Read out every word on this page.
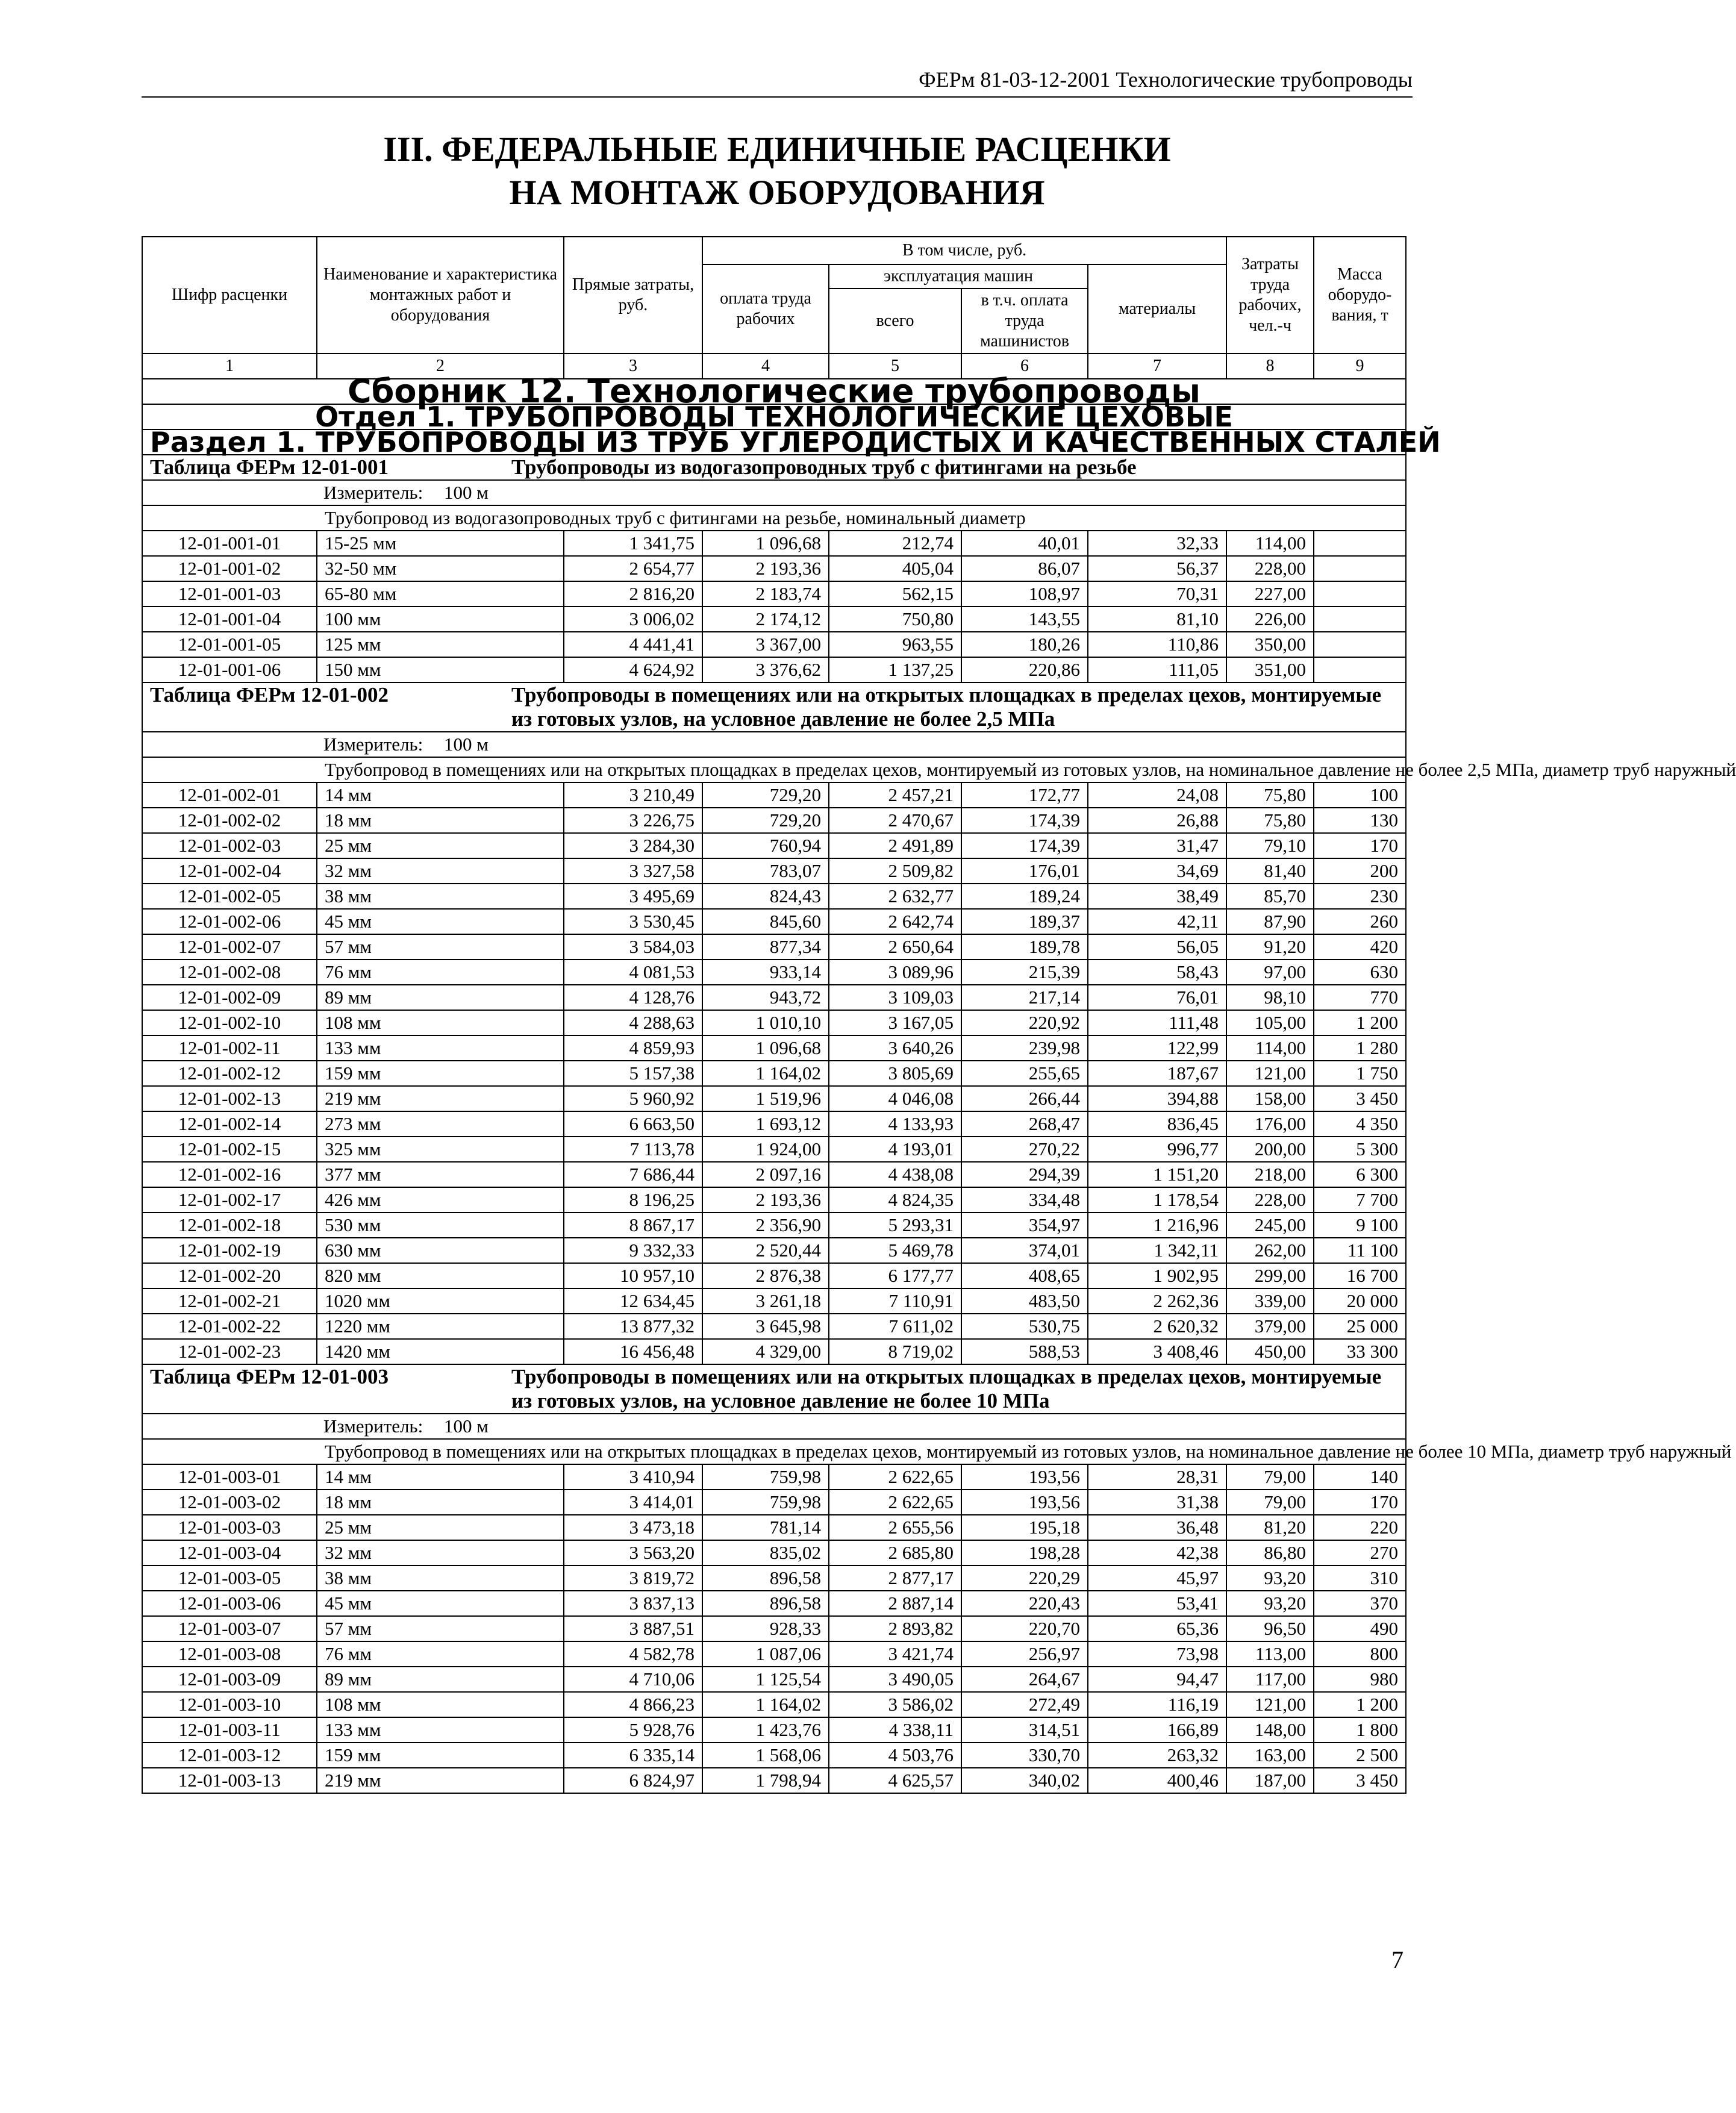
ФЕРм 81-03-12-2001 Технологические трубопроводы
III. ФЕДЕРАЛЬНЫЕ ЕДИНИЧНЫЕ РАСЦЕНКИ
НА МОНТАЖ ОБОРУДОВАНИЯ
Шифр расценки	Наименование и характеристика монтажных работ и оборудования	Прямые затраты, руб.	В том числе, руб.				Затраты труда рабочих, чел.-ч	Масса оборудо-вания, т
			оплата труда рабочих	эксплуатация машин		материалы		
				всего	в т.ч. оплата труда машинистов			
1	2	3	4	5	6	7	8	9
Сборник 12. Технологические трубопроводы								
Отдел 1. ТРУБОПРОВОДЫ ТЕХНОЛОГИЧЕСКИЕ ЦЕХОВЫЕ								
Раздел 1. ТРУБОПРОВОДЫ ИЗ ТРУБ УГЛЕРОДИСТЫХ И КАЧЕСТВЕННЫХ СТАЛЕЙ								
Таблица ФЕРм 12-01-001 Трубопроводы из водогазопроводных труб с фитингами на резьбе								
Измеритель: 100 м								

Трубопровод из водогазопроводных труб с фитингами на резьбе, номинальный диаметр								

12-01-001-01	15-25 мм	1 341,75	1 096,68	212,74	40,01	32,33	114,00	
12-01-001-02	32-50 мм	2 654,77	2 193,36	405,04	86,07	56,37	228,00	
12-01-001-03	65-80 мм	2 816,20	2 183,74	562,15	108,97	70,31	227,00	
12-01-001-04	100 мм	3 006,02	2 174,12	750,80	143,55	81,10	226,00	
12-01-001-05	125 мм	4 441,41	3 367,00	963,55	180,26	110,86	350,00	
12-01-001-06	150 мм	4 624,92	3 376,62	1 137,25	220,86	111,05	351,00	
Таблица ФЕРм 12-01-002 Трубопроводы в помещениях или на открытых площадках в пределах цехов, монтируемые из готовых узлов, на условное давление не более 2,5 МПа								
Измеритель: 100 м								

Трубопровод в помещениях или на открытых площадках в пределах цехов, монтируемый из готовых узлов, на номинальное давление не более 2,5 МПа, диаметр труб наружный								

12-01-002-01	14 мм	3 210,49	729,20	2 457,21	172,77	24,08	75,80	100
12-01-002-02	18 мм	3 226,75	729,20	2 470,67	174,39	26,88	75,80	130
12-01-002-03	25 мм	3 284,30	760,94	2 491,89	174,39	31,47	79,10	170
12-01-002-04	32 мм	3 327,58	783,07	2 509,82	176,01	34,69	81,40	200
12-01-002-05	38 мм	3 495,69	824,43	2 632,77	189,24	38,49	85,70	230
12-01-002-06	45 мм	3 530,45	845,60	2 642,74	189,37	42,11	87,90	260
12-01-002-07	57 мм	3 584,03	877,34	2 650,64	189,78	56,05	91,20	420
12-01-002-08	76 мм	4 081,53	933,14	3 089,96	215,39	58,43	97,00	630
12-01-002-09	89 мм	4 128,76	943,72	3 109,03	217,14	76,01	98,10	770
12-01-002-10	108 мм	4 288,63	1 010,10	3 167,05	220,92	111,48	105,00	1 200
12-01-002-11	133 мм	4 859,93	1 096,68	3 640,26	239,98	122,99	114,00	1 280
12-01-002-12	159 мм	5 157,38	1 164,02	3 805,69	255,65	187,67	121,00	1 750
12-01-002-13	219 мм	5 960,92	1 519,96	4 046,08	266,44	394,88	158,00	3 450
12-01-002-14	273 мм	6 663,50	1 693,12	4 133,93	268,47	836,45	176,00	4 350
12-01-002-15	325 мм	7 113,78	1 924,00	4 193,01	270,22	996,77	200,00	5 300
12-01-002-16	377 мм	7 686,44	2 097,16	4 438,08	294,39	1 151,20	218,00	6 300
12-01-002-17	426 мм	8 196,25	2 193,36	4 824,35	334,48	1 178,54	228,00	7 700
12-01-002-18	530 мм	8 867,17	2 356,90	5 293,31	354,97	1 216,96	245,00	9 100
12-01-002-19	630 мм	9 332,33	2 520,44	5 469,78	374,01	1 342,11	262,00	11 100
12-01-002-20	820 мм	10 957,10	2 876,38	6 177,77	408,65	1 902,95	299,00	16 700
12-01-002-21	1020 мм	12 634,45	3 261,18	7 110,91	483,50	2 262,36	339,00	20 000
12-01-002-22	1220 мм	13 877,32	3 645,98	7 611,02	530,75	2 620,32	379,00	25 000
12-01-002-23	1420 мм	16 456,48	4 329,00	8 719,02	588,53	3 408,46	450,00	33 300
Таблица ФЕРм 12-01-003 Трубопроводы в помещениях или на открытых площадках в пределах цехов, монтируемые из готовых узлов, на условное давление не более 10 МПа								
Измеритель: 100 м								

Трубопровод в помещениях или на открытых площадках в пределах цехов, монтируемый из готовых узлов, на номинальное давление не более 10 МПа, диаметр труб наружный								

12-01-003-01	14 мм	3 410,94	759,98	2 622,65	193,56	28,31	79,00	140
12-01-003-02	18 мм	3 414,01	759,98	2 622,65	193,56	31,38	79,00	170
12-01-003-03	25 мм	3 473,18	781,14	2 655,56	195,18	36,48	81,20	220
12-01-003-04	32 мм	3 563,20	835,02	2 685,80	198,28	42,38	86,80	270
12-01-003-05	38 мм	3 819,72	896,58	2 877,17	220,29	45,97	93,20	310
12-01-003-06	45 мм	3 837,13	896,58	2 887,14	220,43	53,41	93,20	370
12-01-003-07	57 мм	3 887,51	928,33	2 893,82	220,70	65,36	96,50	490
12-01-003-08	76 мм	4 582,78	1 087,06	3 421,74	256,97	73,98	113,00	800
12-01-003-09	89 мм	4 710,06	1 125,54	3 490,05	264,67	94,47	117,00	980
12-01-003-10	108 мм	4 866,23	1 164,02	3 586,02	272,49	116,19	121,00	1 200
12-01-003-11	133 мм	5 928,76	1 423,76	4 338,11	314,51	166,89	148,00	1 800
12-01-003-12	159 мм	6 335,14	1 568,06	4 503,76	330,70	263,32	163,00	2 500
12-01-003-13	219 мм	6 824,97	1 798,94	4 625,57	340,02	400,46	187,00	3 450
7
